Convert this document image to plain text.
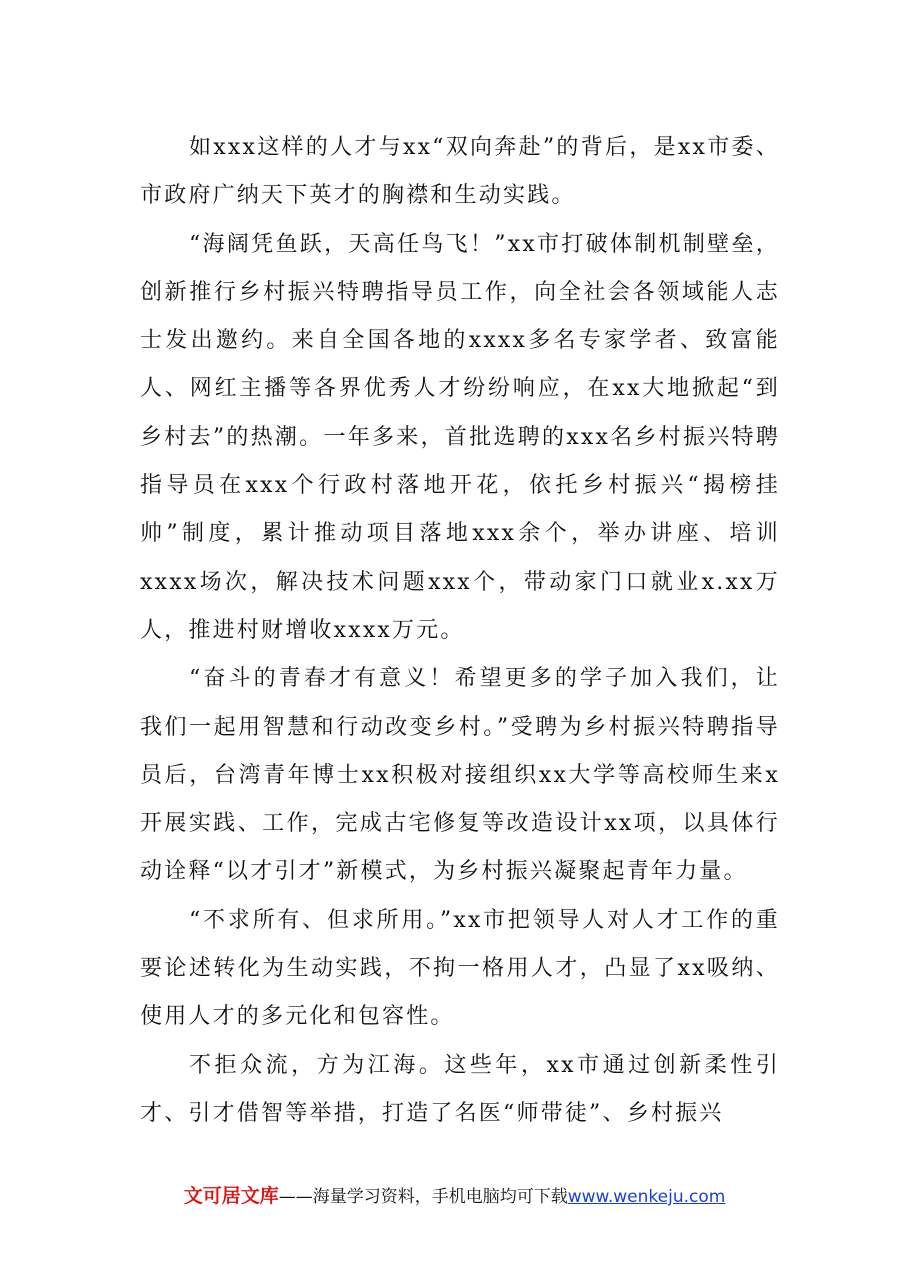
如xxx这样的人才与xx“双向奔赴”的背后，是xx市委、市政府广纳天下英才的胸襟和生动实践。

“海阔凭鱼跃，天高任鸟飞！”xx市打破体制机制壁垒，创新推行乡村振兴特聘指导员工作，向全社会各领域能人志士发出邀约。来自全国各地的xxxx多名专家学者、致富能人、网红主播等各界优秀人才纷纷响应，在xx大地掀起“到乡村去”的热潮。一年多来，首批选聘的xxx名乡村振兴特聘指导员在xxx个行政村落地开花，依托乡村振兴“揭榜挂帅”制度，累计推动项目落地xxx余个，举办讲座、培训xxxx场次，解决技术问题xxx个，带动家门口就业x.xx万人，推进村财增收xxxx万元。

“奋斗的青春才有意义！希望更多的学子加入我们，让我们一起用智慧和行动改变乡村。”受聘为乡村振兴特聘指导员后，台湾青年博士xx积极对接组织xx大学等高校师生来x开展实践、工作，完成古宅修复等改造设计xx项，以具体行动诠释“以才引才”新模式，为乡村振兴凝聚起青年力量。

“不求所有、但求所用。”xx市把领导人对人才工作的重要论述转化为生动实践，不拘一格用人才，凸显了xx吸纳、使用人才的多元化和包容性。

不拒众流，方为江海。这些年，xx市通过创新柔性引才、引才借智等举措，打造了名医“师带徒”、乡村振兴

文可居文库——海量学习资料，手机电脑均可下载www.wenkeju.com
